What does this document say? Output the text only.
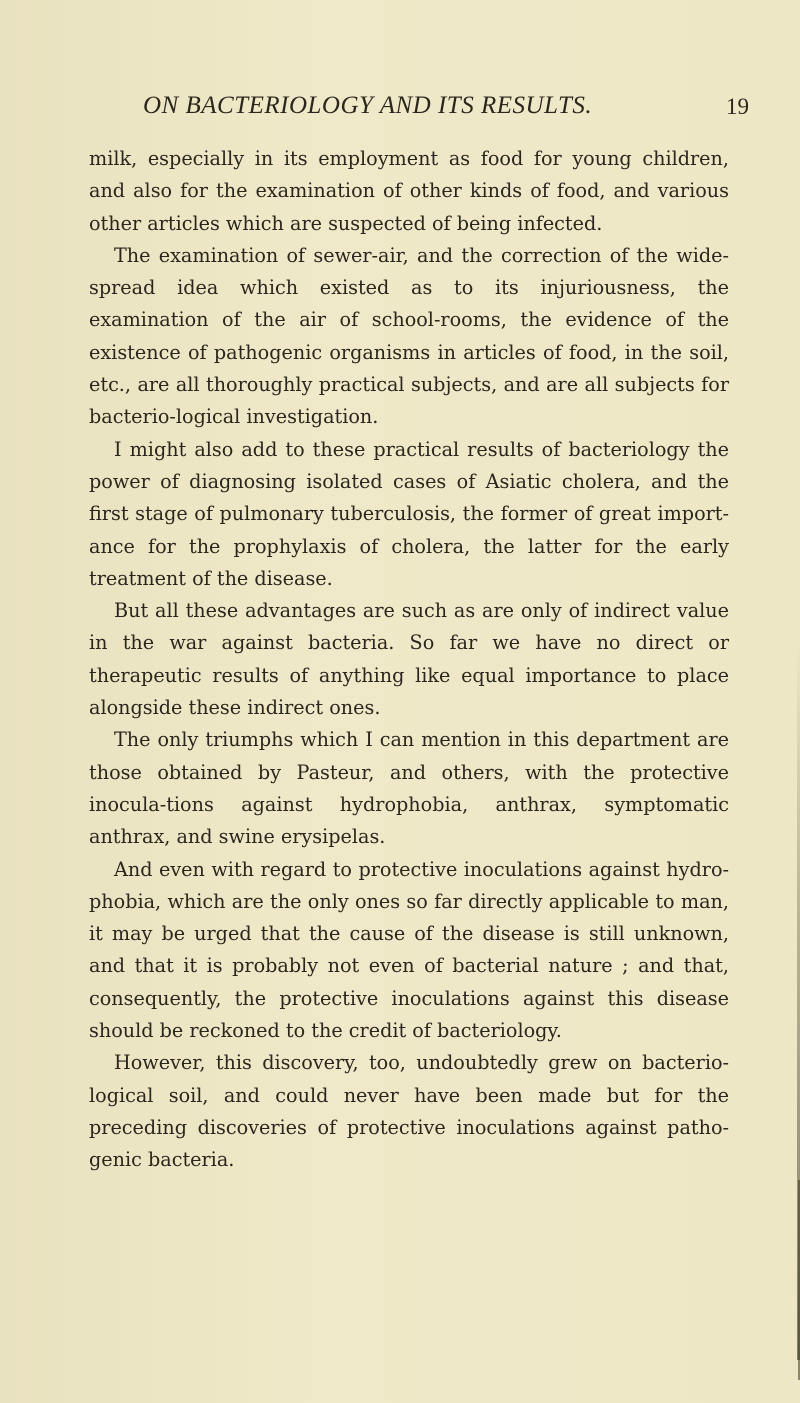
ON BACTERIOLOGY AND ITS RESULTS.	19

milk, especially in its employment as food for young children, and also for the examination of other kinds of food, and various other articles which are suspected of being infected.

The examination of sewer-air, and the correction of the wide-spread idea which existed as to its injuriousness, the examination of the air of school-rooms, the evidence of the existence of pathogenic organisms in articles of food, in the soil, etc., are all thoroughly practical subjects, and are all subjects for bacterio-logical investigation.

I might also add to these practical results of bacteriology the power of diagnosing isolated cases of Asiatic cholera, and the first stage of pulmonary tuberculosis, the former of great import-ance for the prophylaxis of cholera, the latter for the early treatment of the disease.

But all these advantages are such as are only of indirect value in the war against bacteria. So far we have no direct or therapeutic results of anything like equal importance to place alongside these indirect ones.

The only triumphs which I can mention in this department are those obtained by Pasteur, and others, with the protective inocula-tions against hydrophobia, anthrax, symptomatic anthrax, and swine erysipelas.

And even with regard to protective inoculations against hydro-phobia, which are the only ones so far directly applicable to man, it may be urged that the cause of the disease is still unknown, and that it is probably not even of bacterial nature ; and that, consequently, the protective inoculations against this disease should be reckoned to the credit of bacteriology.

However, this discovery, too, undoubtedly grew on bacterio-logical soil, and could never have been made but for the preceding discoveries of protective inoculations against patho-genic bacteria.
